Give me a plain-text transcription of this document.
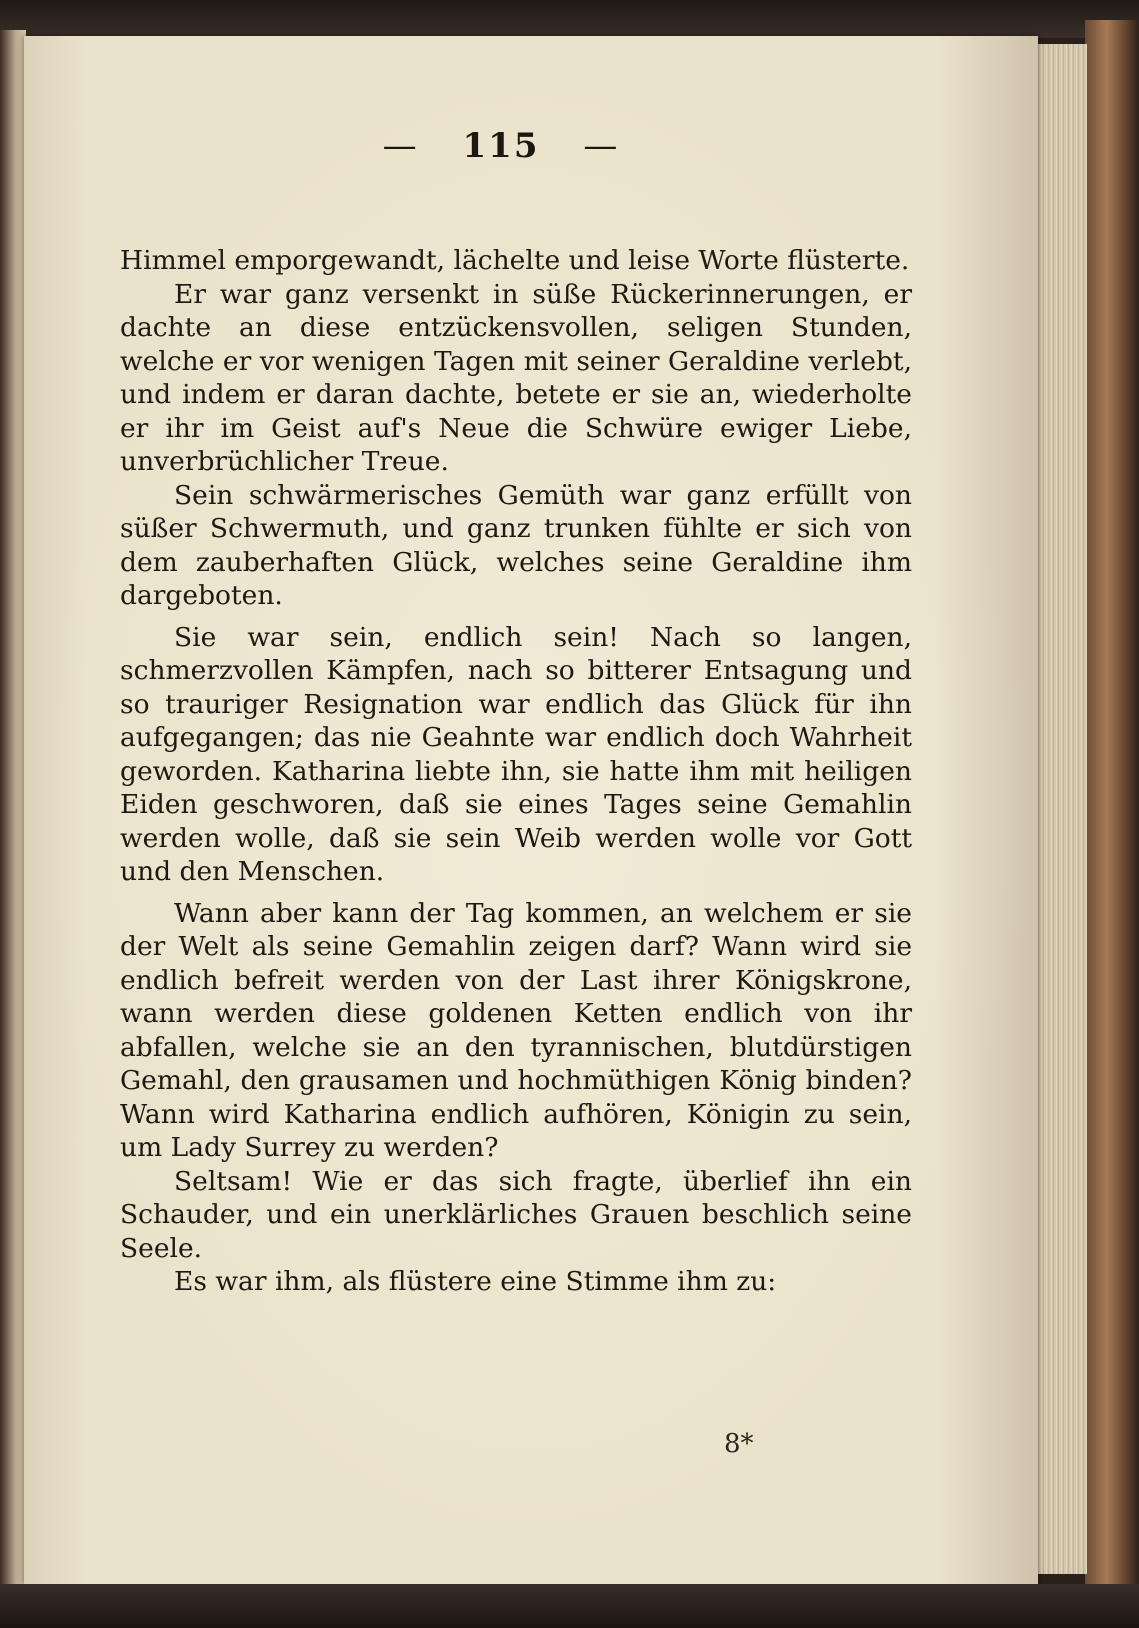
— 115 —

Himmel emporgewandt, lächelte und leise Worte flüsterte.

Er war ganz versenkt in süße Rückerinnerungen, er dachte an diese entzückensvollen, seligen Stunden, welche er vor wenigen Tagen mit seiner Geraldine verlebt, und indem er daran dachte, betete er sie an, wiederholte er ihr im Geist auf's Neue die Schwüre ewiger Liebe, unverbrüchlicher Treue.

Sein schwärmerisches Gemüth war ganz erfüllt von süßer Schwermuth, und ganz trunken fühlte er sich von dem zauberhaften Glück, welches seine Geraldine ihm dargeboten.

Sie war sein, endlich sein! Nach so langen, schmerzvollen Kämpfen, nach so bitterer Entsagung und so trauriger Resignation war endlich das Glück für ihn aufgegangen; das nie Geahnte war endlich doch Wahrheit geworden. Katharina liebte ihn, sie hatte ihm mit heiligen Eiden geschworen, daß sie eines Tages seine Gemahlin werden wolle, daß sie sein Weib werden wolle vor Gott und den Menschen.

Wann aber kann der Tag kommen, an welchem er sie der Welt als seine Gemahlin zeigen darf? Wann wird sie endlich befreit werden von der Last ihrer Königskrone, wann werden diese goldenen Ketten endlich von ihr abfallen, welche sie an den tyrannischen, blutdürstigen Gemahl, den grausamen und hochmüthigen König binden? Wann wird Katharina endlich aufhören, Königin zu sein, um Lady Surrey zu werden?

Seltsam! Wie er das sich fragte, überlief ihn ein Schauder, und ein unerklärliches Grauen beschlich seine Seele.

Es war ihm, als flüstere eine Stimme ihm zu:

8*
